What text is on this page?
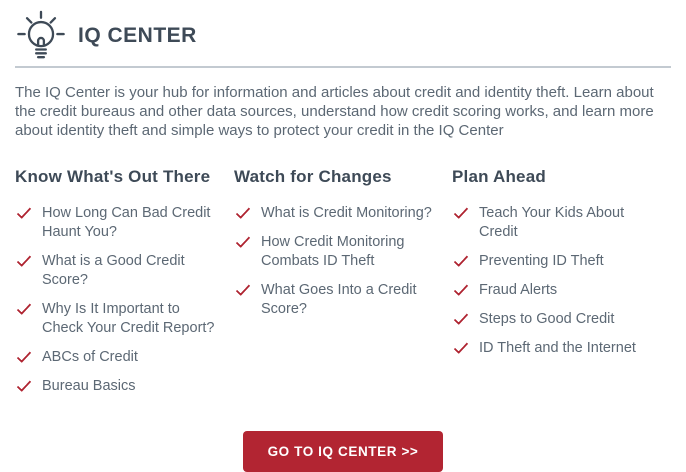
IQ CENTER

The IQ Center is your hub for information and articles about credit and identity theft. Learn about the credit bureaus and other data sources, understand how credit scoring works, and learn more about identity theft and simple ways to protect your credit in the IQ Center

Know What's Out There
How Long Can Bad Credit Haunt You?
What is a Good Credit Score?
Why Is It Important to Check Your Credit Report?
ABCs of Credit
Bureau Basics
Watch for Changes
What is Credit Monitoring?
How Credit Monitoring Combats ID Theft
What Goes Into a Credit Score?
Plan Ahead
Teach Your Kids About Credit
Preventing ID Theft
Fraud Alerts
Steps to Good Credit
ID Theft and the Internet
GO TO IQ CENTER >>
